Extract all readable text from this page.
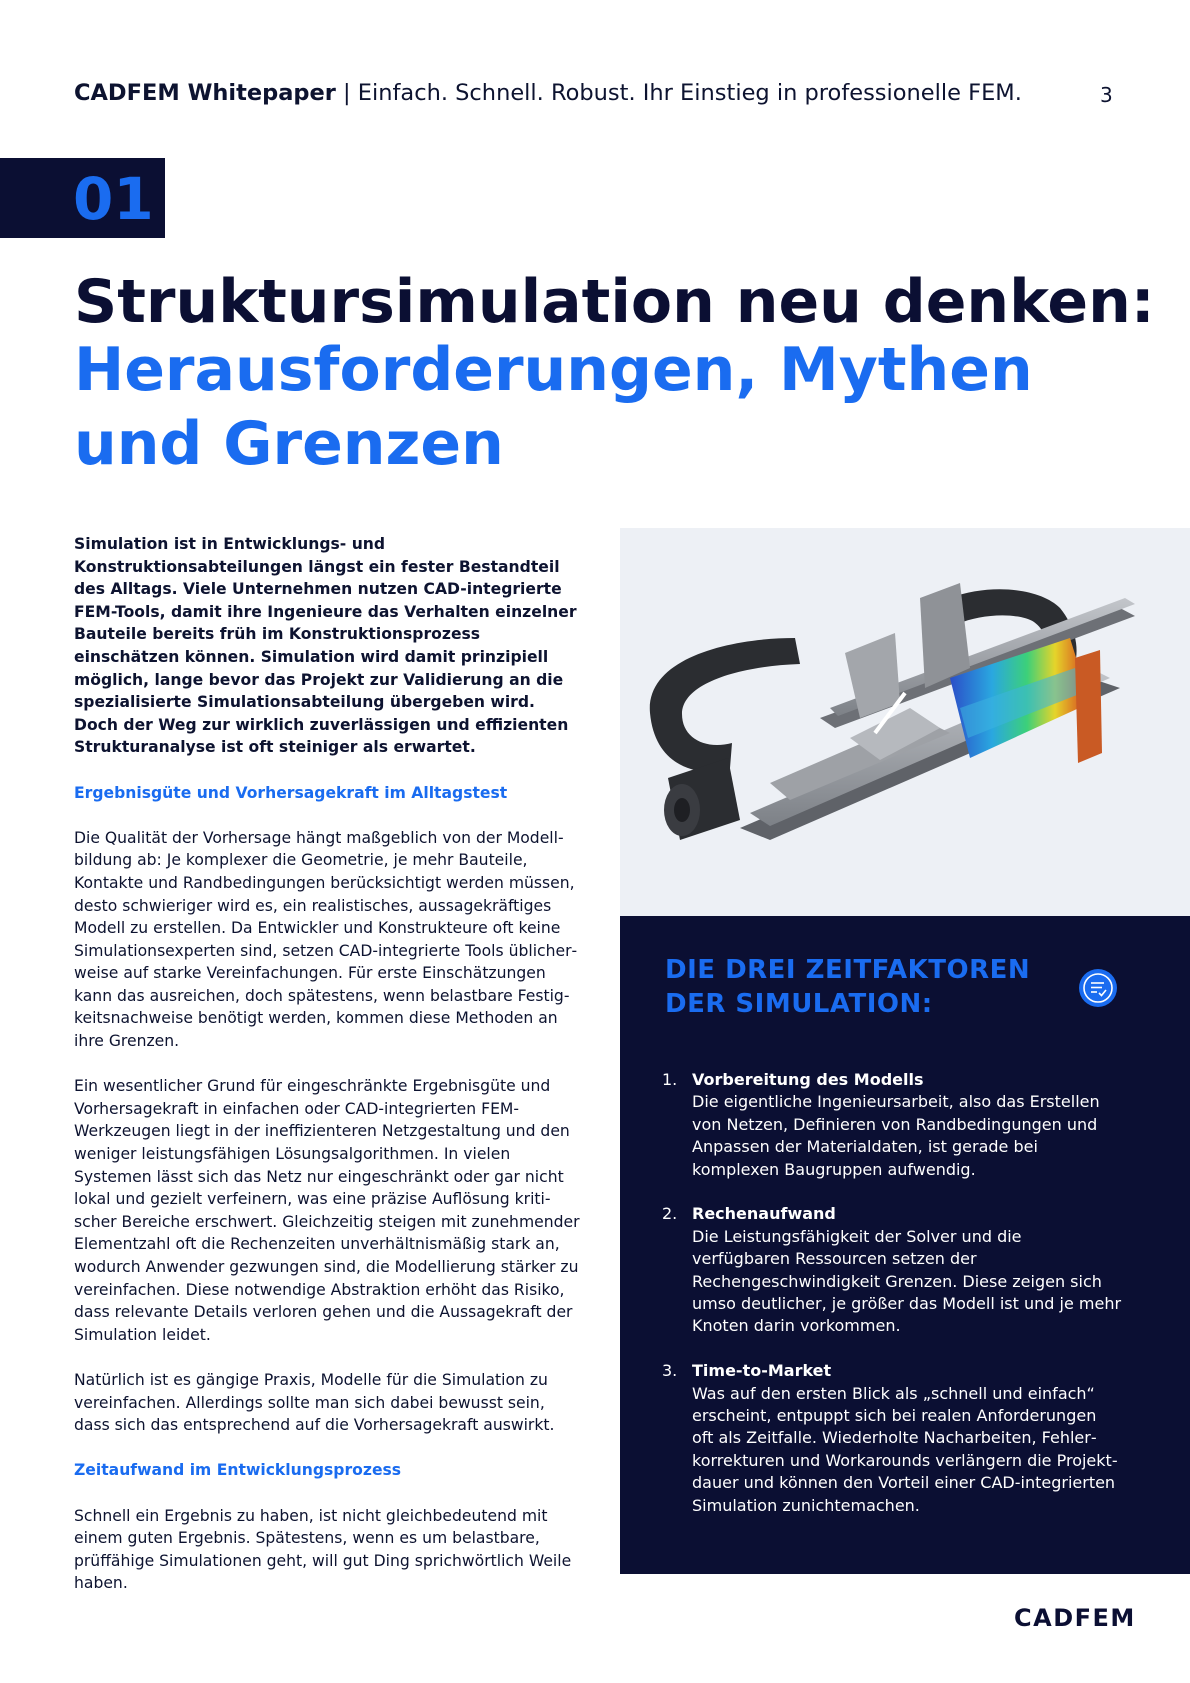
CADFEM Whitepaper | Einfach. Schnell. Robust. Ihr Einstieg in professionelle FEM.	3
01
Struktursimulation neu denken:
Herausforderungen, Mythen und Grenzen

Simulation ist in Entwicklungs- und Konstruktionsabteilungen längst ein fester Bestandteil des Alltags. Viele Unternehmen nutzen CAD-integrierte FEM-Tools, damit ihre Ingenieure das Verhalten einzelner Bauteile bereits früh im Konstruktionsprozess einschätzen können. Simulation wird damit prinzipiell möglich, lange bevor das Projekt zur Validierung an die spezialisierte Simulationsabteilung übergeben wird. Doch der Weg zur wirklich zuverlässigen und effizienten Strukturanalyse ist oft steiniger als erwartet.

Ergebnisgüte und Vorhersagekraft im Alltagstest

Die Qualität der Vorhersage hängt maßgeblich von der Modellbildung ab: Je komplexer die Geometrie, je mehr Bauteile, Kontakte und Randbedingungen berücksichtigt werden müssen, desto schwieriger wird es, ein realistisches, aussagekräftiges Modell zu erstellen. Da Entwickler und Konstrukteure oft keine Simulationsexperten sind, setzen CAD-integrierte Tools üblicherweise auf starke Vereinfachungen. Für erste Einschätzungen kann das ausreichen, doch spätestens, wenn belastbare Festigkeitsnachweise benötigt werden, kommen diese Methoden an ihre Grenzen.

Ein wesentlicher Grund für eingeschränkte Ergebnisgüte und Vorhersagekraft in einfachen oder CAD-integrierten FEM-Werkzeugen liegt in der ineffizienteren Netzgestaltung und den weniger leistungsfähigen Lösungsalgorithmen. In vielen Systemen lässt sich das Netz nur eingeschränkt oder gar nicht lokal und gezielt verfeinern, was eine präzise Auflösung kritischer Bereiche erschwert. Gleichzeitig steigen mit zunehmender Elementzahl oft die Rechenzeiten unverhältnismäßig stark an, wodurch Anwender gezwungen sind, die Modellierung stärker zu vereinfachen. Diese notwendige Abstraktion erhöht das Risiko, dass relevante Details verloren gehen und die Aussagekraft der Simulation leidet.

Natürlich ist es gängige Praxis, Modelle für die Simulation zu vereinfachen. Allerdings sollte man sich dabei bewusst sein, dass sich das entsprechend auf die Vorhersagekraft auswirkt.

Zeitaufwand im Entwicklungsprozess

Schnell ein Ergebnis zu haben, ist nicht gleichbedeutend mit einem guten Ergebnis. Spätestens, wenn es um belastbare, prüffähige Simulationen geht, will gut Ding sprichwörtlich Weile haben.

DIE DREI ZEITFAKTOREN DER SIMULATION:
1. Vorbereitung des Modells
Die eigentliche Ingenieursarbeit, also das Erstellen von Netzen, Definieren von Randbedingungen und Anpassen der Materialdaten, ist gerade bei komplexen Baugruppen aufwendig.
2. Rechenaufwand
Die Leistungsfähigkeit der Solver und die verfügbaren Ressourcen setzen der Rechengeschwindigkeit Grenzen. Diese zeigen sich umso deutlicher, je größer das Modell ist und je mehr Knoten darin vorkommen.
3. Time-to-Market
Was auf den ersten Blick als „schnell und einfach“ erscheint, entpuppt sich bei realen Anforderungen oft als Zeitfalle. Wiederholte Nacharbeiten, Fehlerkorrekturen und Workarounds verlängern die Projektdauer und können den Vorteil einer CAD-integrierten Simulation zunichtemachen.
CADFEM
